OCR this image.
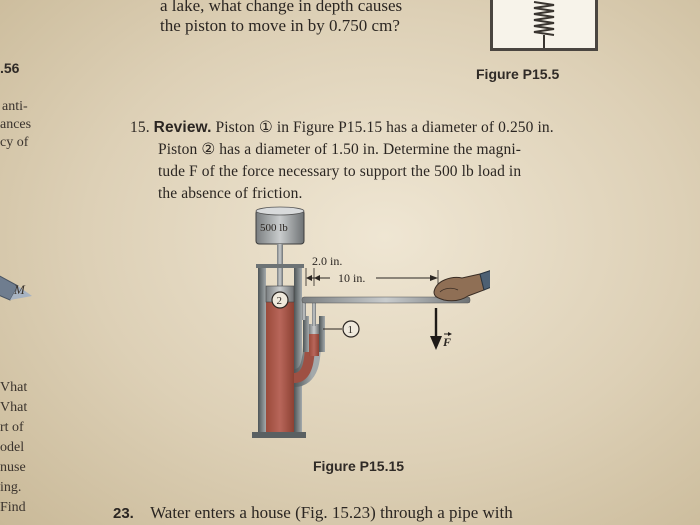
a lake, what change in depth causes
the piston to move in by 0.750 cm?
Figure P15.5
.56
anti-
ances
cy of
M
Vhat
Vhat
rt of
odel
nuse
ing.
Find
15. Review. Piston ① in Figure P15.15 has a diameter of 0.250 in.
Piston ② has a diameter of 1.50 in. Determine the magni-
tude F of the force necessary to support the 500 lb load in
the absence of friction.
500 lb
2
1
2.0 in.
10 in.
F
Figure P15.15
23. Water enters a house (Fig. 15.23) through a pipe with
